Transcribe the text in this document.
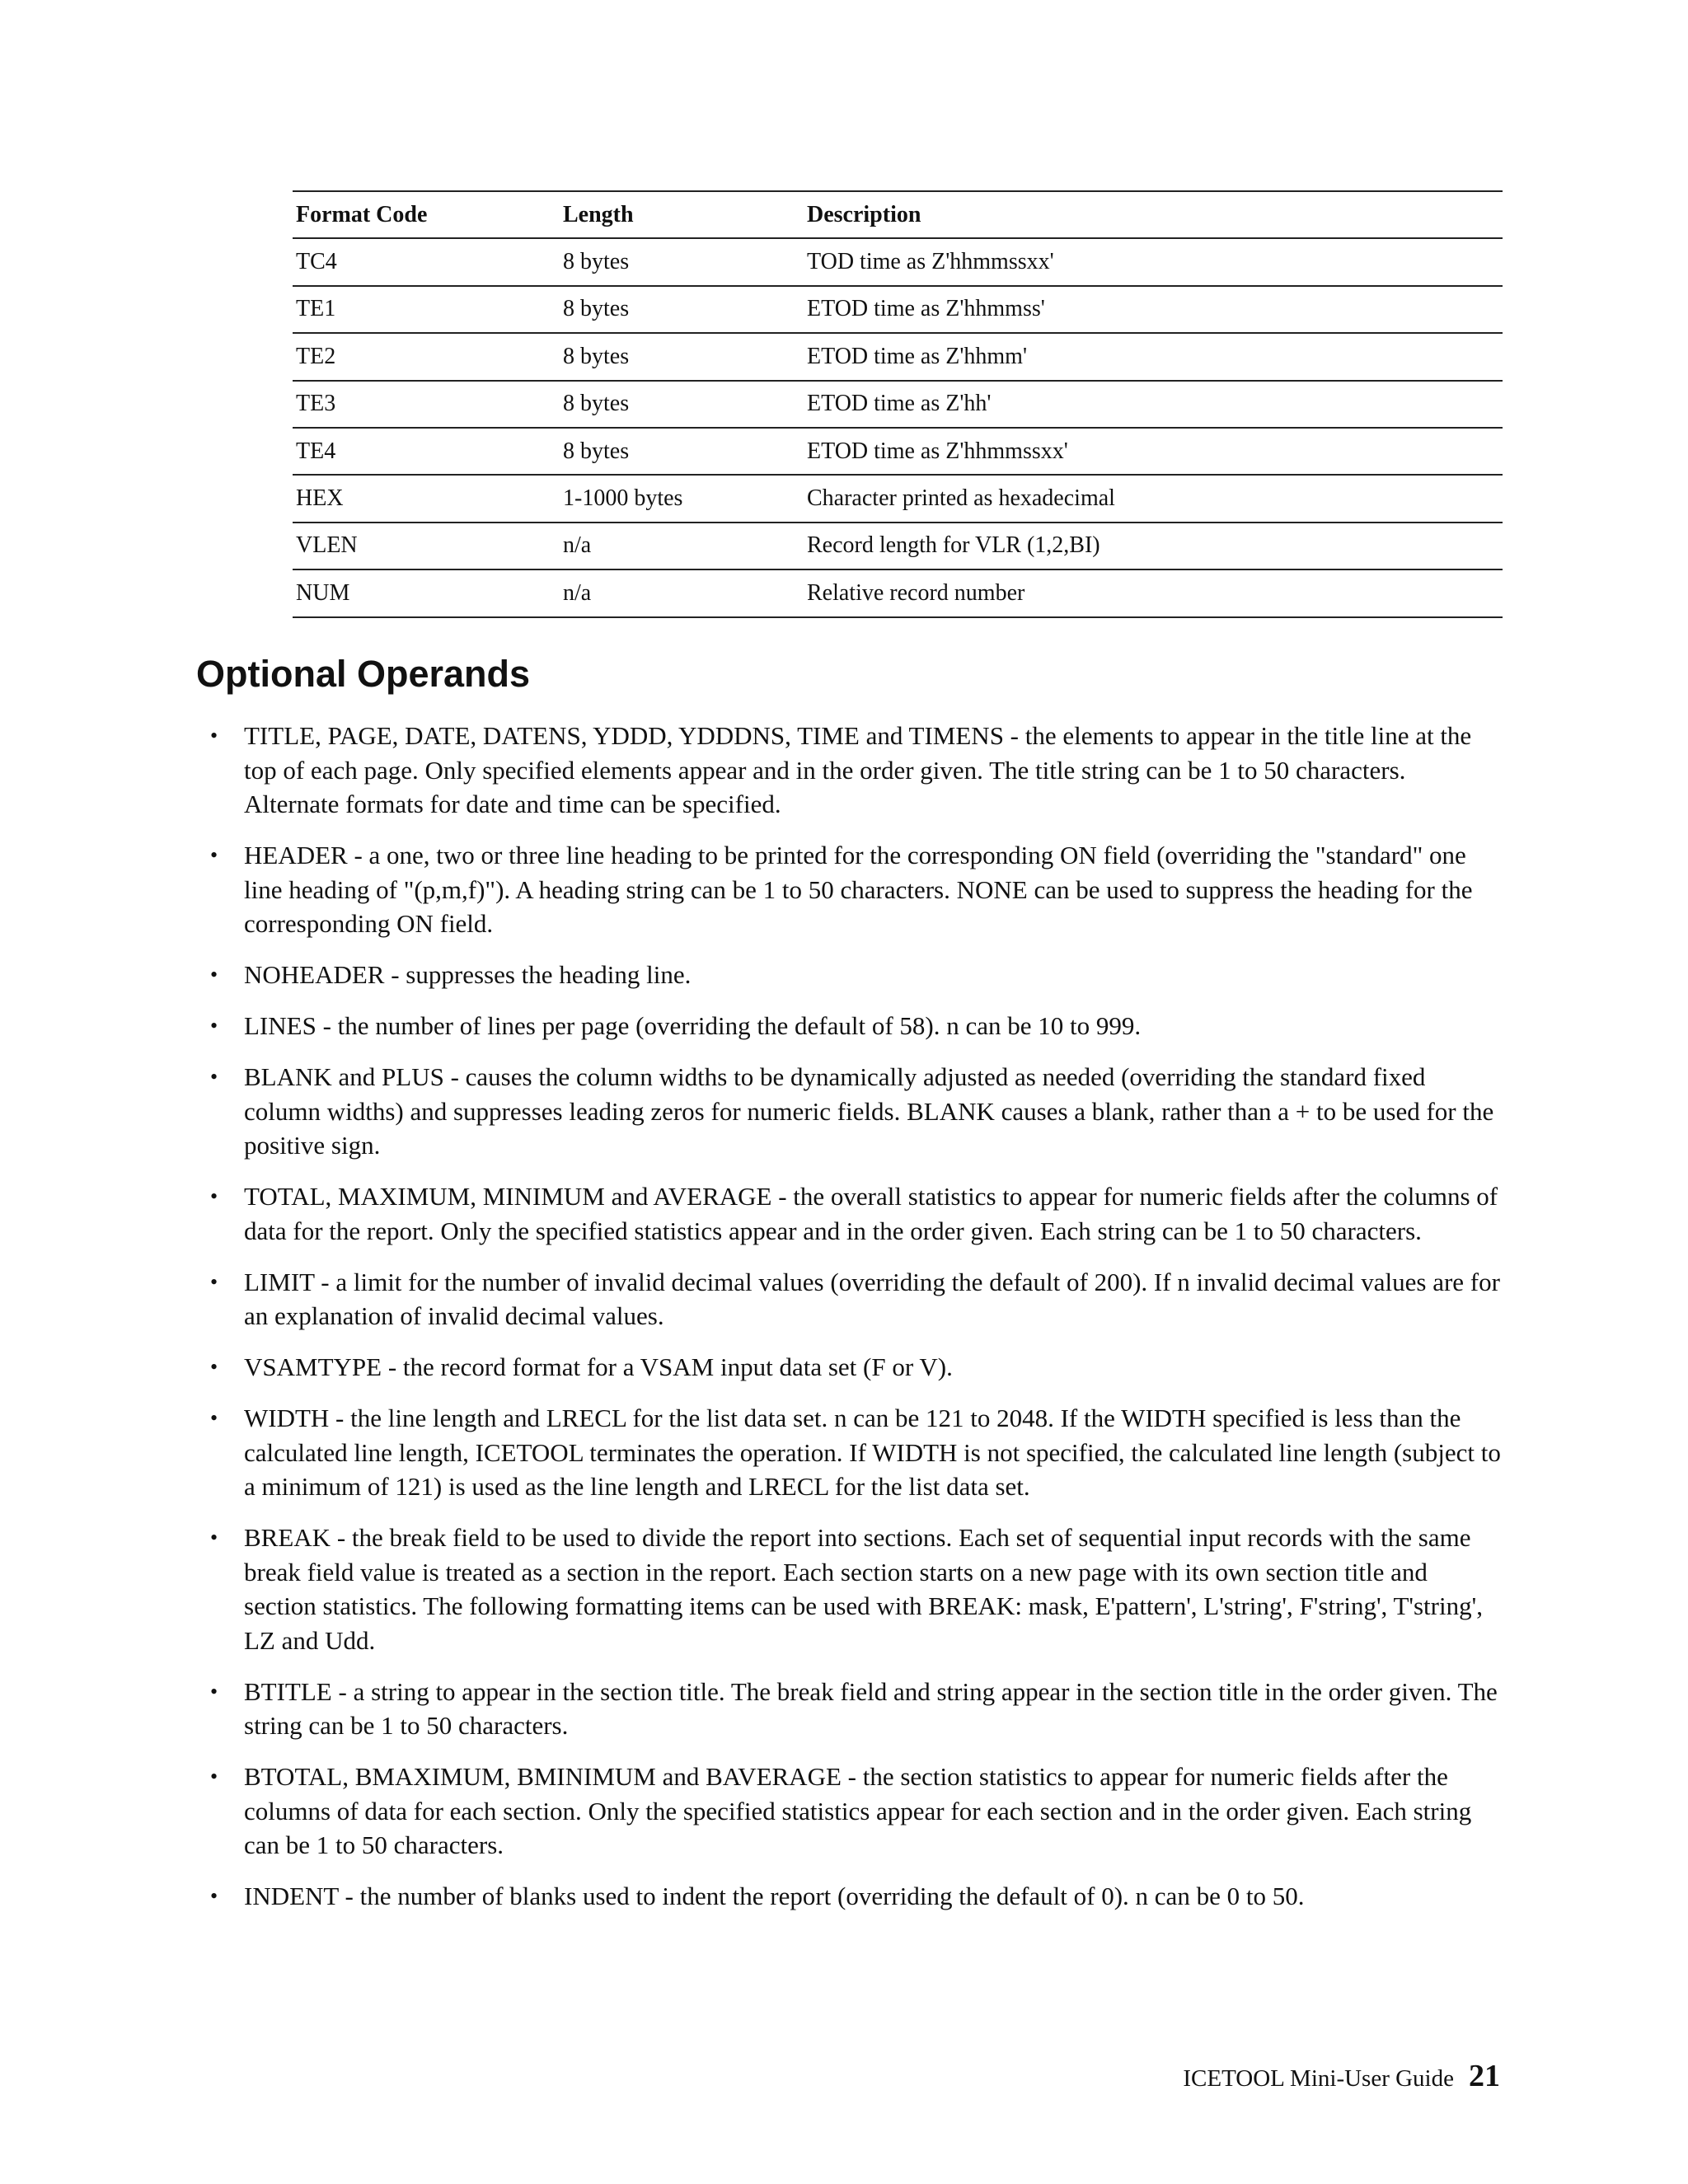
Format Code	Length	Description
TC4	8 bytes	TOD time as Z'hhmmssxx'
TE1	8 bytes	ETOD time as Z'hhmmss'
TE2	8 bytes	ETOD time as Z'hhmm'
TE3	8 bytes	ETOD time as Z'hh'
TE4	8 bytes	ETOD time as Z'hhmmssxx'
HEX	1-1000 bytes	Character printed as hexadecimal
VLEN	n/a	Record length for VLR (1,2,BI)
NUM	n/a	Relative record number
Optional Operands
• TITLE, PAGE, DATE, DATENS, YDDD, YDDDNS, TIME and TIMENS - the elements to appear in the title line at the top of each page. Only specified elements appear and in the order given. The title string can be 1 to 50 characters. Alternate formats for date and time can be specified.
• HEADER - a one, two or three line heading to be printed for the corresponding ON field (overriding the "standard" one line heading of "(p,m,f)"). A heading string can be 1 to 50 characters. NONE can be used to suppress the heading for the corresponding ON field.
• NOHEADER - suppresses the heading line.
• LINES - the number of lines per page (overriding the default of 58). n can be 10 to 999.
• BLANK and PLUS - causes the column widths to be dynamically adjusted as needed (overriding the standard fixed column widths) and suppresses leading zeros for numeric fields. BLANK causes a blank, rather than a + to be used for the positive sign.
• TOTAL, MAXIMUM, MINIMUM and AVERAGE - the overall statistics to appear for numeric fields after the columns of data for the report. Only the specified statistics appear and in the order given. Each string can be 1 to 50 characters.
• LIMIT - a limit for the number of invalid decimal values (overriding the default of 200). If n invalid decimal values are for an explanation of invalid decimal values.
• VSAMTYPE - the record format for a VSAM input data set (F or V).
• WIDTH - the line length and LRECL for the list data set. n can be 121 to 2048. If the WIDTH specified is less than the calculated line length, ICETOOL terminates the operation. If WIDTH is not specified, the calculated line length (subject to a minimum of 121) is used as the line length and LRECL for the list data set.
• BREAK - the break field to be used to divide the report into sections. Each set of sequential input records with the same break field value is treated as a section in the report. Each section starts on a new page with its own section title and section statistics. The following formatting items can be used with BREAK: mask, E'pattern', L'string', F'string', T'string', LZ and Udd.
• BTITLE - a string to appear in the section title. The break field and string appear in the section title in the order given. The string can be 1 to 50 characters.
• BTOTAL, BMAXIMUM, BMINIMUM and BAVERAGE - the section statistics to appear for numeric fields after the columns of data for each section. Only the specified statistics appear for each section and in the order given. Each string can be 1 to 50 characters.
• INDENT - the number of blanks used to indent the report (overriding the default of 0). n can be 0 to 50.
ICETOOL Mini-User Guide 21
